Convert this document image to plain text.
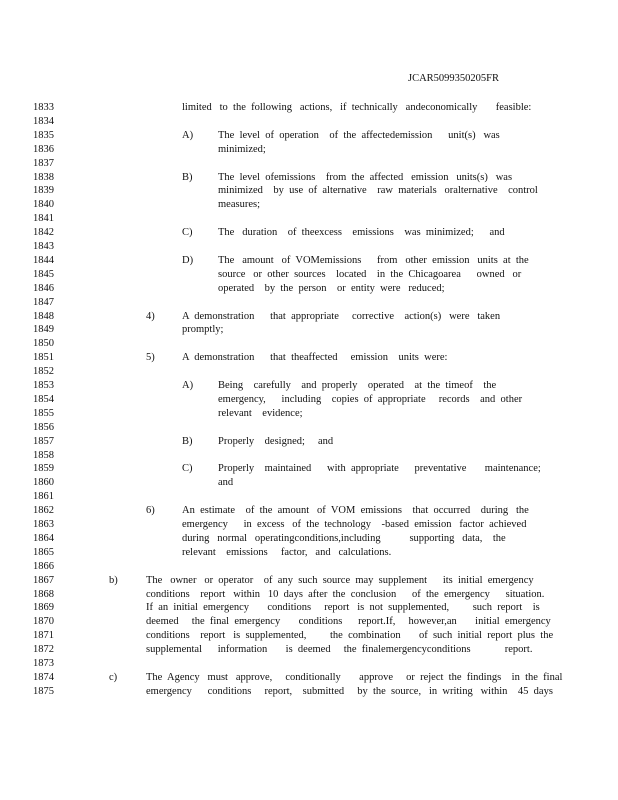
JCAR5099350205FR
1833
1834
1835
1836
1837
1838
1839
1840
1841
1842
1843
1844
1845
1846
1847
1848
1849
1850
1851
1852
1853
1854
1855
1856
1857
1858
1859
1860
1861
1862
1863
1864
1865
1866
1867
1868
1869
1870
1871
1872
1873
1874
1875
limited   to  the  following   actions,   if  technically   andeconomically       feasible:
A) The  level  of  operation    of  the  affectedemission      unit(s)   was
minimized;
B) The  level  ofemissions    from  the  affected   emission   units(s)   was
minimized    by  use  of  alternative    raw  materials   oralternative    control
measures;
C) The   duration    of  theexcess    emissions    was  minimized;      and
D) The   amount   of  VOMemissions      from   other  emission   units  at  the
source   or  other  sources    located    in  the  Chicagoarea      owned   or
operated    by  the  person    or  entity  were   reduced;
4)	A  demonstration      that  appropriate     corrective    action(s)   were   taken
promptly;
5)	A  demonstration      that  theaffected     emission    units  were:
A) Being    carefully    and  properly    operated    at  the  timeof    the
emergency,      including    copies  of  appropriate     records    and  other
relevant    evidence;
B) Properly    designed;     and
C) Properly    maintained      with  appropriate      preventative       maintenance;
and
6)	An  estimate    of  the  amount   of  VOM  emissions    that  occurred    during   the
emergency      in  excess   of  the  technology    -based  emission   factor  achieved
during   normal   operatingconditions,including           supporting   data,    the
relevant    emissions     factor,   and   calculations.
b)	The   owner   or  operator    of  any  such  source  may  supplement      its  initial  emergency
conditions    report   within   10  days  after  the  conclusion      of  the  emergency      situation.
If  an  initial  emergency       conditions     report   is  not  supplemented,         such  report    is
deemed     the  final  emergency       conditions      report.If,     however,an       initial  emergency
conditions    report   is  supplemented,         the  combination       of  such  initial  report  plus  the
supplemental      information       is  deemed     the  finalemergencyconditions             report.
c)	The  Agency   must   approve,     conditionally       approve     or  reject  the  findings    in  the  final
emergency      conditions     report,    submitted     by  the  source,   in  writing   within    45  days
